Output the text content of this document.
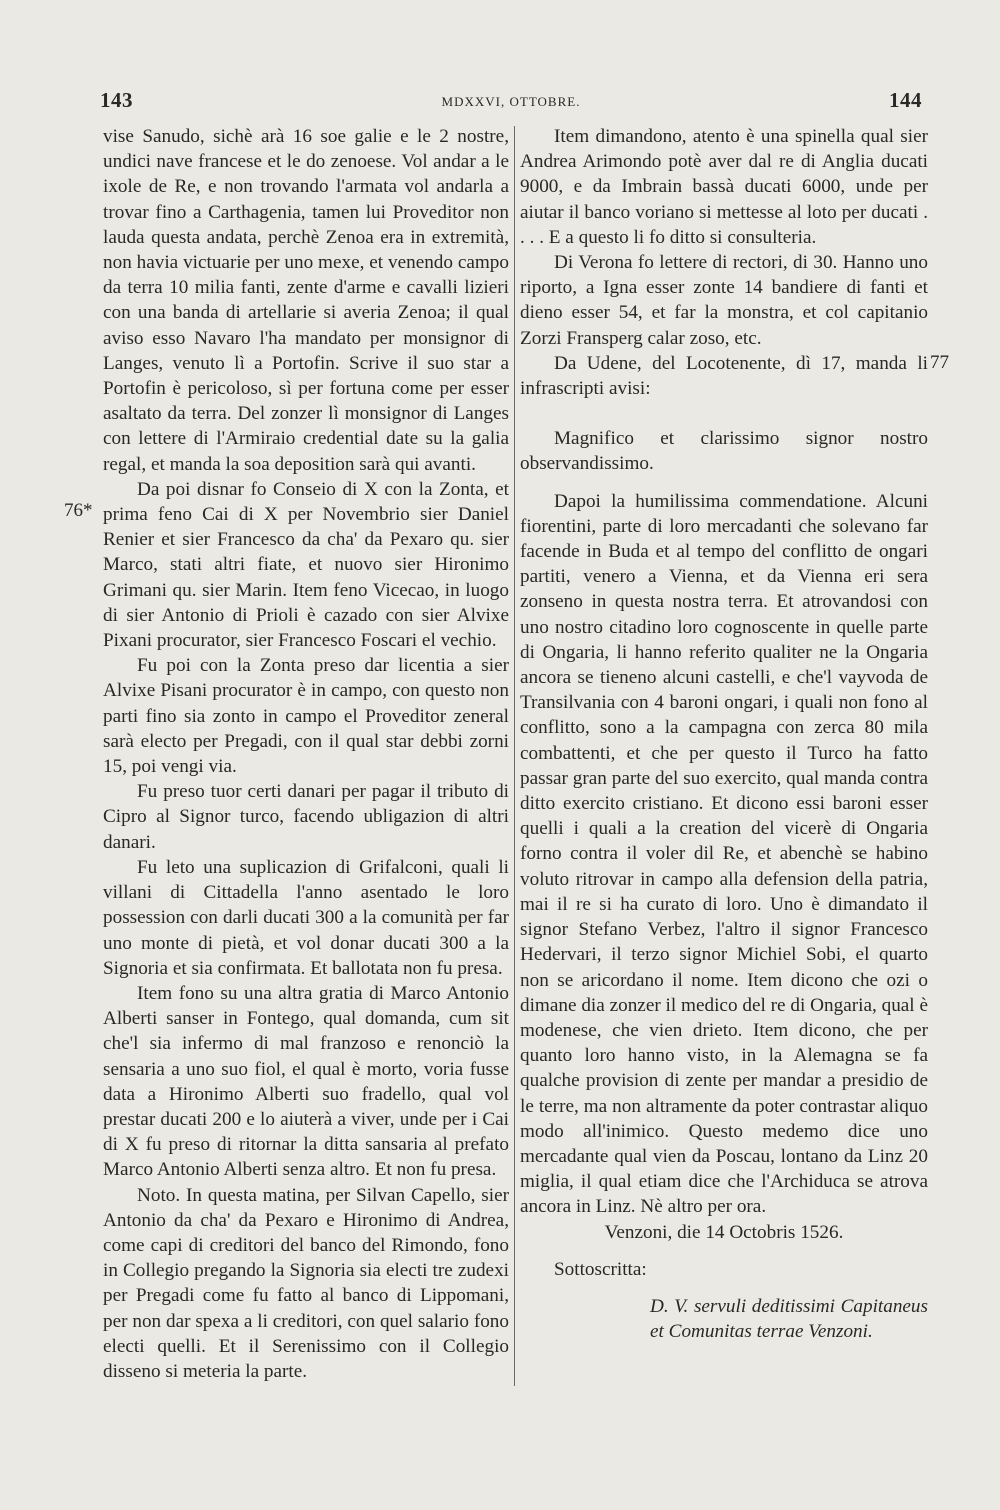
143	MDXXVI, OTTOBRE.	144
76*
77

vise Sanudo, sichè arà 16 soe galie e le 2 nostre, undici nave francese et le do zenoese. Vol andar a le ixole de Re, e non trovando l'armata vol andarla a trovar fino a Carthagenia, tamen lui Proveditor non lauda questa andata, perchè Zenoa era in extremità, non havia victuarie per uno mexe, et venendo campo da terra 10 milia fanti, zente d'arme e cavalli lizieri con una banda di artellarie si averia Zenoa; il qual aviso esso Navaro l'ha mandato per monsignor di Langes, venuto lì a Portofin. Scrive il suo star a Portofin è pericoloso, sì per fortuna come per esser asaltato da terra. Del zonzer lì monsignor di Langes con lettere di l'Armiraio credential date su la galia regal, et manda la soa deposition sarà qui avanti.

Da poi disnar fo Conseio di X con la Zonta, et prima feno Cai di X per Novembrio sier Daniel Renier et sier Francesco da cha' da Pexaro qu. sier Marco, stati altri fiate, et nuovo sier Hironimo Grimani qu. sier Marin. Item feno Vicecao, in luogo di sier Antonio di Prioli è cazado con sier Alvixe Pixani procurator, sier Francesco Foscari el vechio.

Fu poi con la Zonta preso dar licentia a sier Alvixe Pisani procurator è in campo, con questo non parti fino sia zonto in campo el Proveditor zeneral sarà electo per Pregadi, con il qual star debbi zorni 15, poi vengi via.

Fu preso tuor certi danari per pagar il tributo di Cipro al Signor turco, facendo ubligazion di altri danari.

Fu leto una suplicazion di Grifalconi, quali li villani di Cittadella l'anno asentado le loro possession con darli ducati 300 a la comunità per far uno monte di pietà, et vol donar ducati 300 a la Signoria et sia confirmata. Et ballotata non fu presa.

Item fono su una altra gratia di Marco Antonio Alberti sanser in Fontego, qual domanda, cum sit che'l sia infermo di mal franzoso e renonciò la sensaria a uno suo fiol, el qual è morto, voria fusse data a Hironimo Alberti suo fradello, qual vol prestar ducati 200 e lo aiuterà a viver, unde per i Cai di X fu preso di ritornar la ditta sansaria al prefato Marco Antonio Alberti senza altro. Et non fu presa.

Noto. In questa matina, per Silvan Capello, sier Antonio da cha' da Pexaro e Hironimo di Andrea, come capi di creditori del banco del Rimondo, fono in Collegio pregando la Signoria sia electi tre zudexi per Pregadi come fu fatto al banco di Lippomani, per non dar spexa a li creditori, con quel salario fono electi quelli. Et il Serenissimo con il Collegio disseno si meteria la parte.

Item dimandono, atento è una spinella qual sier Andrea Arimondo potè aver dal re di Anglia ducati 9000, e da Imbrain bassà ducati 6000, unde per aiutar il banco voriano si mettesse al loto per ducati . . . . E a questo li fo ditto si consulteria.

Di Verona fo lettere di rectori, di 30. Hanno uno riporto, a Igna esser zonte 14 bandiere di fanti et dieno esser 54, et far la monstra, et col capitanio Zorzi Fransperg calar zoso, etc.

Da Udene, del Locotenente, dì 17, manda li infrascripti avisi:

Magnifico et clarissimo signor nostro observandissimo.

Dapoi la humilissima commendatione. Alcuni fiorentini, parte di loro mercadanti che solevano far facende in Buda et al tempo del conflitto de ongari partiti, venero a Vienna, et da Vienna eri sera zonseno in questa nostra terra. Et atrovandosi con uno nostro citadino loro cognoscente in quelle parte di Ongaria, li hanno referito qualiter ne la Ongaria ancora se tieneno alcuni castelli, e che'l vayvoda de Transilvania con 4 baroni ongari, i quali non fono al conflitto, sono a la campagna con zerca 80 mila combattenti, et che per questo il Turco ha fatto passar gran parte del suo exercito, qual manda contra ditto exercito cristiano. Et dicono essi baroni esser quelli i quali a la creation del vicerè di Ongaria forno contra il voler dil Re, et abenchè se habino voluto ritrovar in campo alla defension della patria, mai il re si ha curato di loro. Uno è dimandato il signor Stefano Verbez, l'altro il signor Francesco Hedervari, il terzo signor Michiel Sobi, el quarto non se aricordano il nome. Item dicono che ozi o dimane dia zonzer il medico del re di Ongaria, qual è modenese, che vien drieto. Item dicono, che per quanto loro hanno visto, in la Alemagna se fa qualche provision di zente per mandar a presidio de le terre, ma non altramente da poter contrastar aliquo modo all'inimico. Questo medemo dice uno mercadante qual vien da Poscau, lontano da Linz 20 miglia, il qual etiam dice che l'Archiduca se atrova ancora in Linz. Nè altro per ora.

Venzoni, die 14 Octobris 1526.

Sottoscritta:

D. V. servuli deditissimi Capitaneus et Comunitas terrae Venzoni.
